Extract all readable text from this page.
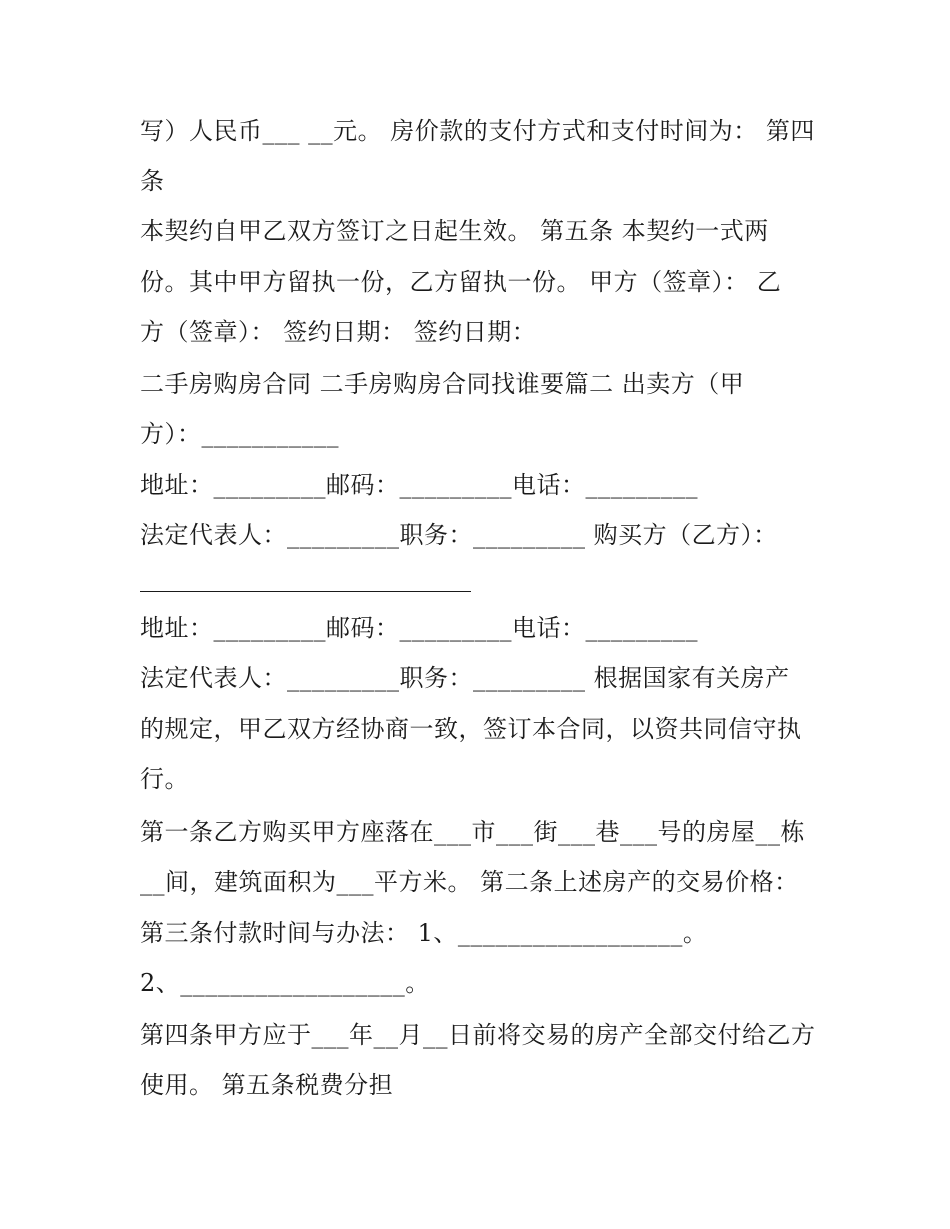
写）人民币___ __元。 房价款的支付方式和支付时间为： 第四
条
本契约自甲乙双方签订之日起生效。 第五条 本契约一式两
份。其中甲方留执一份，乙方留执一份。 甲方（签章）： 乙
方（签章）： 签约日期： 签约日期：
二手房购房合同 二手房购房合同找谁要篇二 出卖方（甲
方）：___________
地址：_________邮码：_________电话：_________
法定代表人：_________职务：_________ 购买方（乙方）：
地址：_________邮码：_________电话：_________
法定代表人：_________职务：_________ 根据国家有关房产
的规定，甲乙双方经协商一致，签订本合同，以资共同信守执
行。
第一条乙方购买甲方座落在___市___街___巷___号的房屋__栋
__间，建筑面积为___平方米。 第二条上述房产的交易价格：
第三条付款时间与办法： 1、__________________。
2、__________________。
第四条甲方应于___年__月__日前将交易的房产全部交付给乙方
使用。 第五条税费分担
